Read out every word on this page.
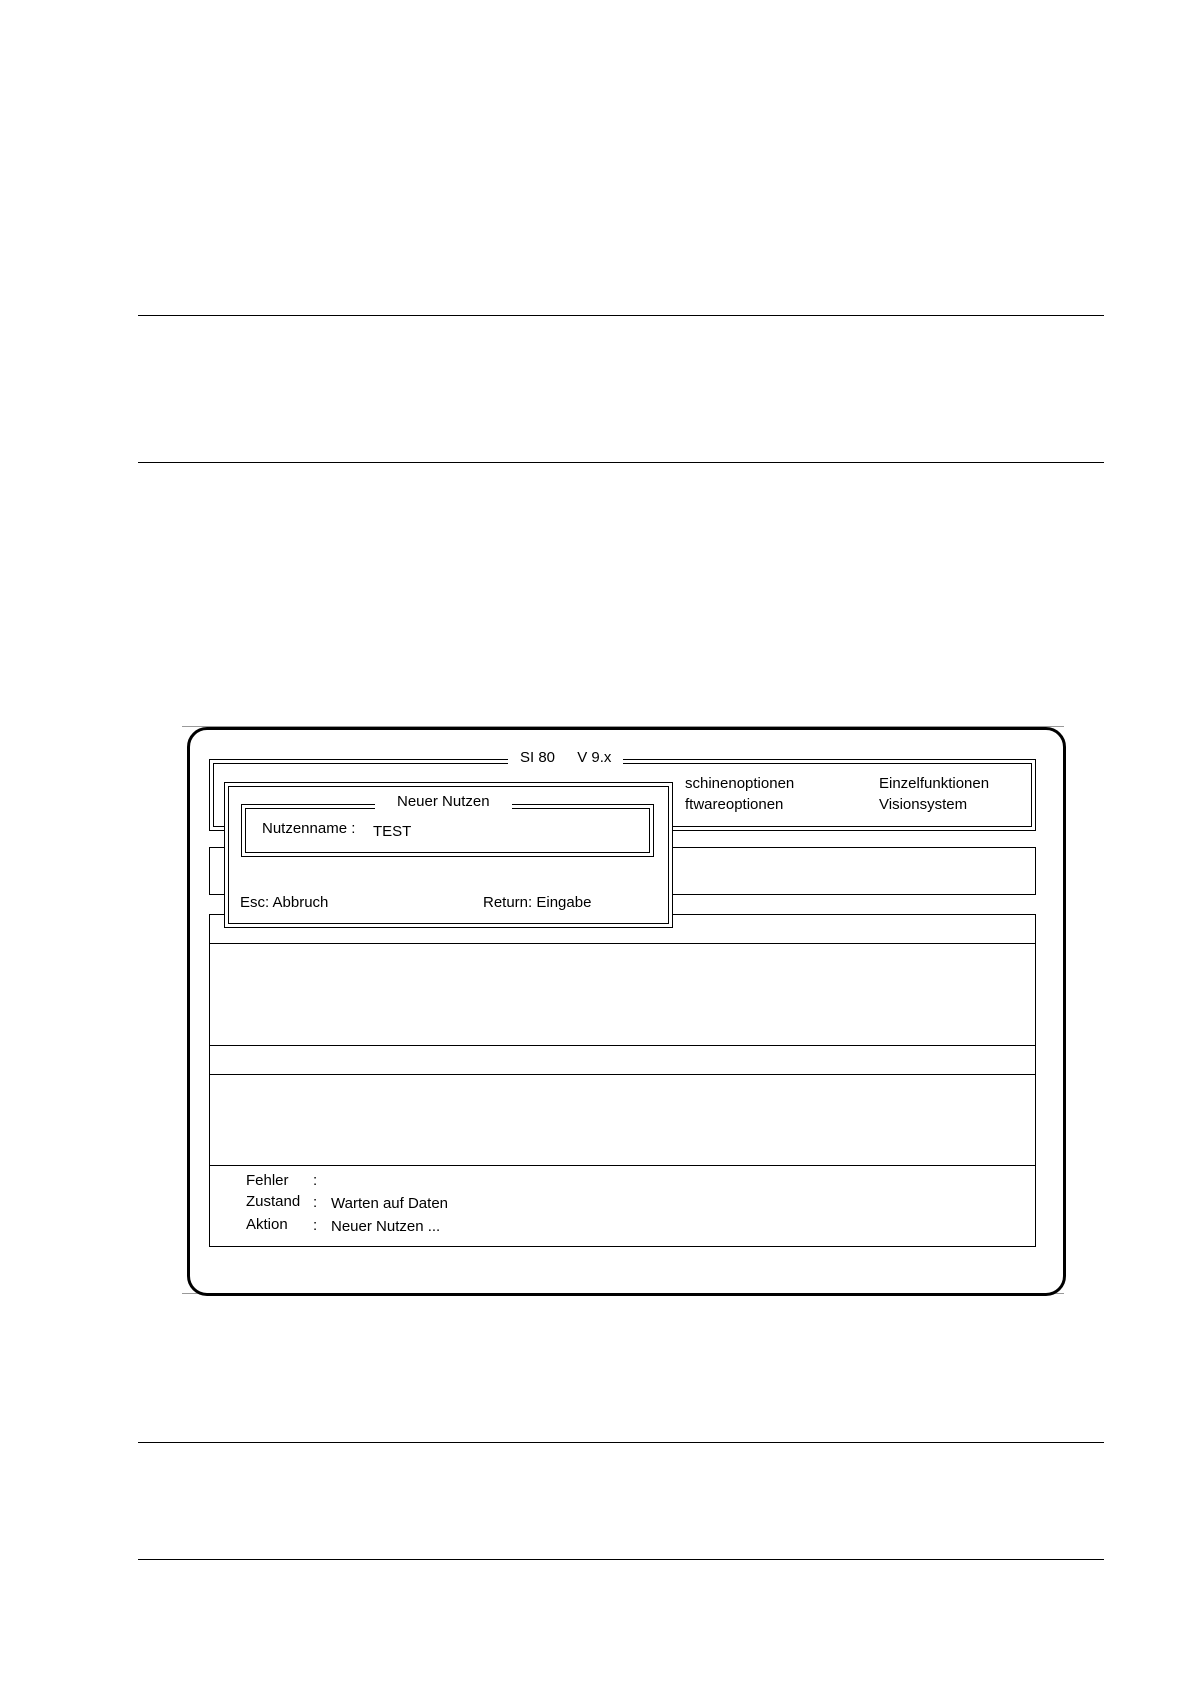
SI 80 V 9.x
schinenoptionen	Einzelfunktionen
ftwareoptionen	Visionsystem
Fehler :
Zustand : Warten auf Daten
Aktion : Neuer Nutzen ...
Neuer Nutzen
Nutzenname : TEST
Esc: Abbruch	Return: Eingabe
